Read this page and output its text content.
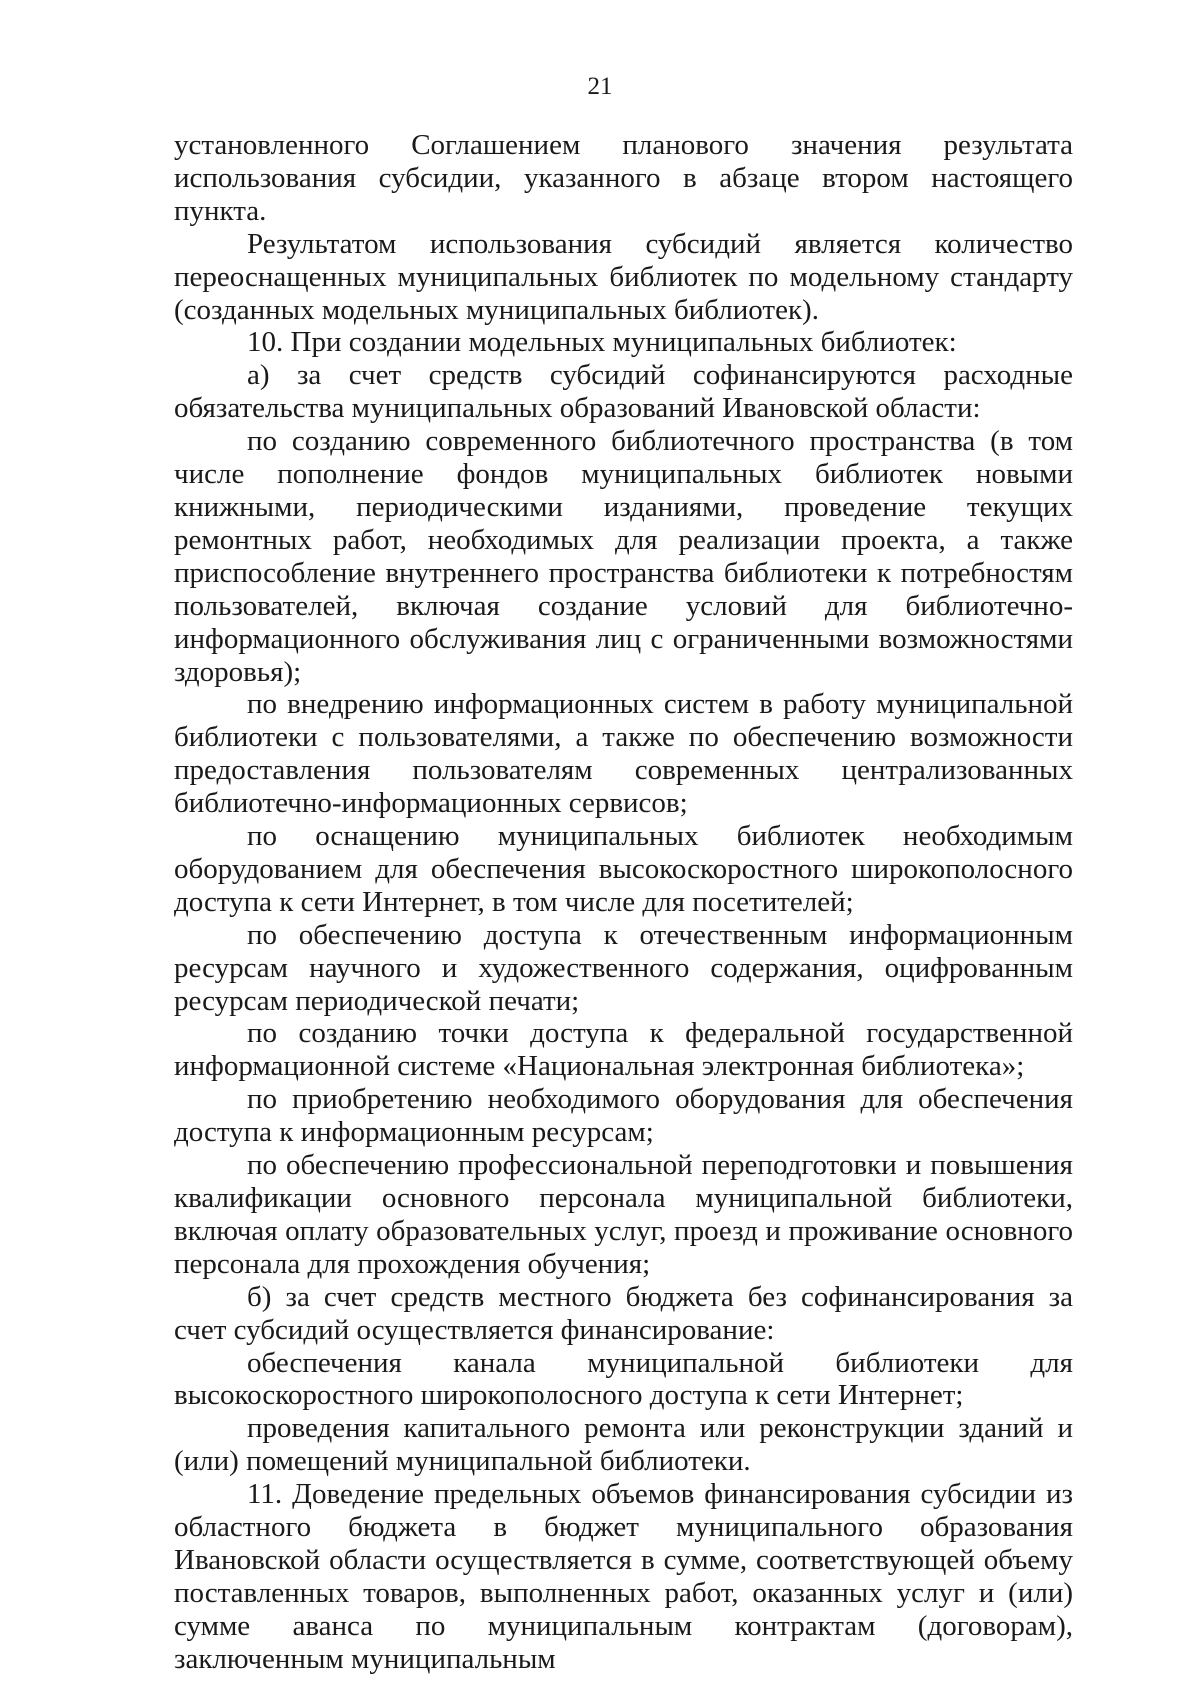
21

установленного Соглашением планового значения результата использования субсидии, указанного в абзаце втором настоящего пункта.

Результатом использования субсидий является количество переоснащенных муниципальных библиотек по модельному стандарту (созданных модельных муниципальных библиотек).

10. При создании модельных муниципальных библиотек:

а) за счет средств субсидий софинансируются расходные обязательства муниципальных образований Ивановской области:

по созданию современного библиотечного пространства (в том числе пополнение фондов муниципальных библиотек новыми книжными, периодическими изданиями, проведение текущих ремонтных работ, необходимых для реализации проекта, а также приспособление внутреннего пространства библиотеки к потребностям пользователей, включая создание условий для библиотечно-информационного обслуживания лиц с ограниченными возможностями здоровья);

по внедрению информационных систем в работу муниципальной библиотеки с пользователями, а также по обеспечению возможности предоставления пользователям современных централизованных библиотечно-информационных сервисов;

по оснащению муниципальных библиотек необходимым оборудованием для обеспечения высокоскоростного широкополосного доступа к сети Интернет, в том числе для посетителей;

по обеспечению доступа к отечественным информационным ресурсам научного и художественного содержания, оцифрованным ресурсам периодической печати;

по созданию точки доступа к федеральной государственной информационной системе «Национальная электронная библиотека»;

по приобретению необходимого оборудования для обеспечения доступа к информационным ресурсам;

по обеспечению профессиональной переподготовки и повышения квалификации основного персонала муниципальной библиотеки, включая оплату образовательных услуг, проезд и проживание основного персонала для прохождения обучения;

б) за счет средств местного бюджета без софинансирования за счет субсидий осуществляется финансирование:

обеспечения канала муниципальной библиотеки для высокоскоростного широкополосного доступа к сети Интернет;

проведения капитального ремонта или реконструкции зданий и (или) помещений муниципальной библиотеки.

11. Доведение предельных объемов финансирования субсидии из областного бюджета в бюджет муниципального образования Ивановской области осуществляется в сумме, соответствующей объему поставленных товаров, выполненных работ, оказанных услуг и (или) сумме аванса по муниципальным контрактам (договорам), заключенным муниципальным
